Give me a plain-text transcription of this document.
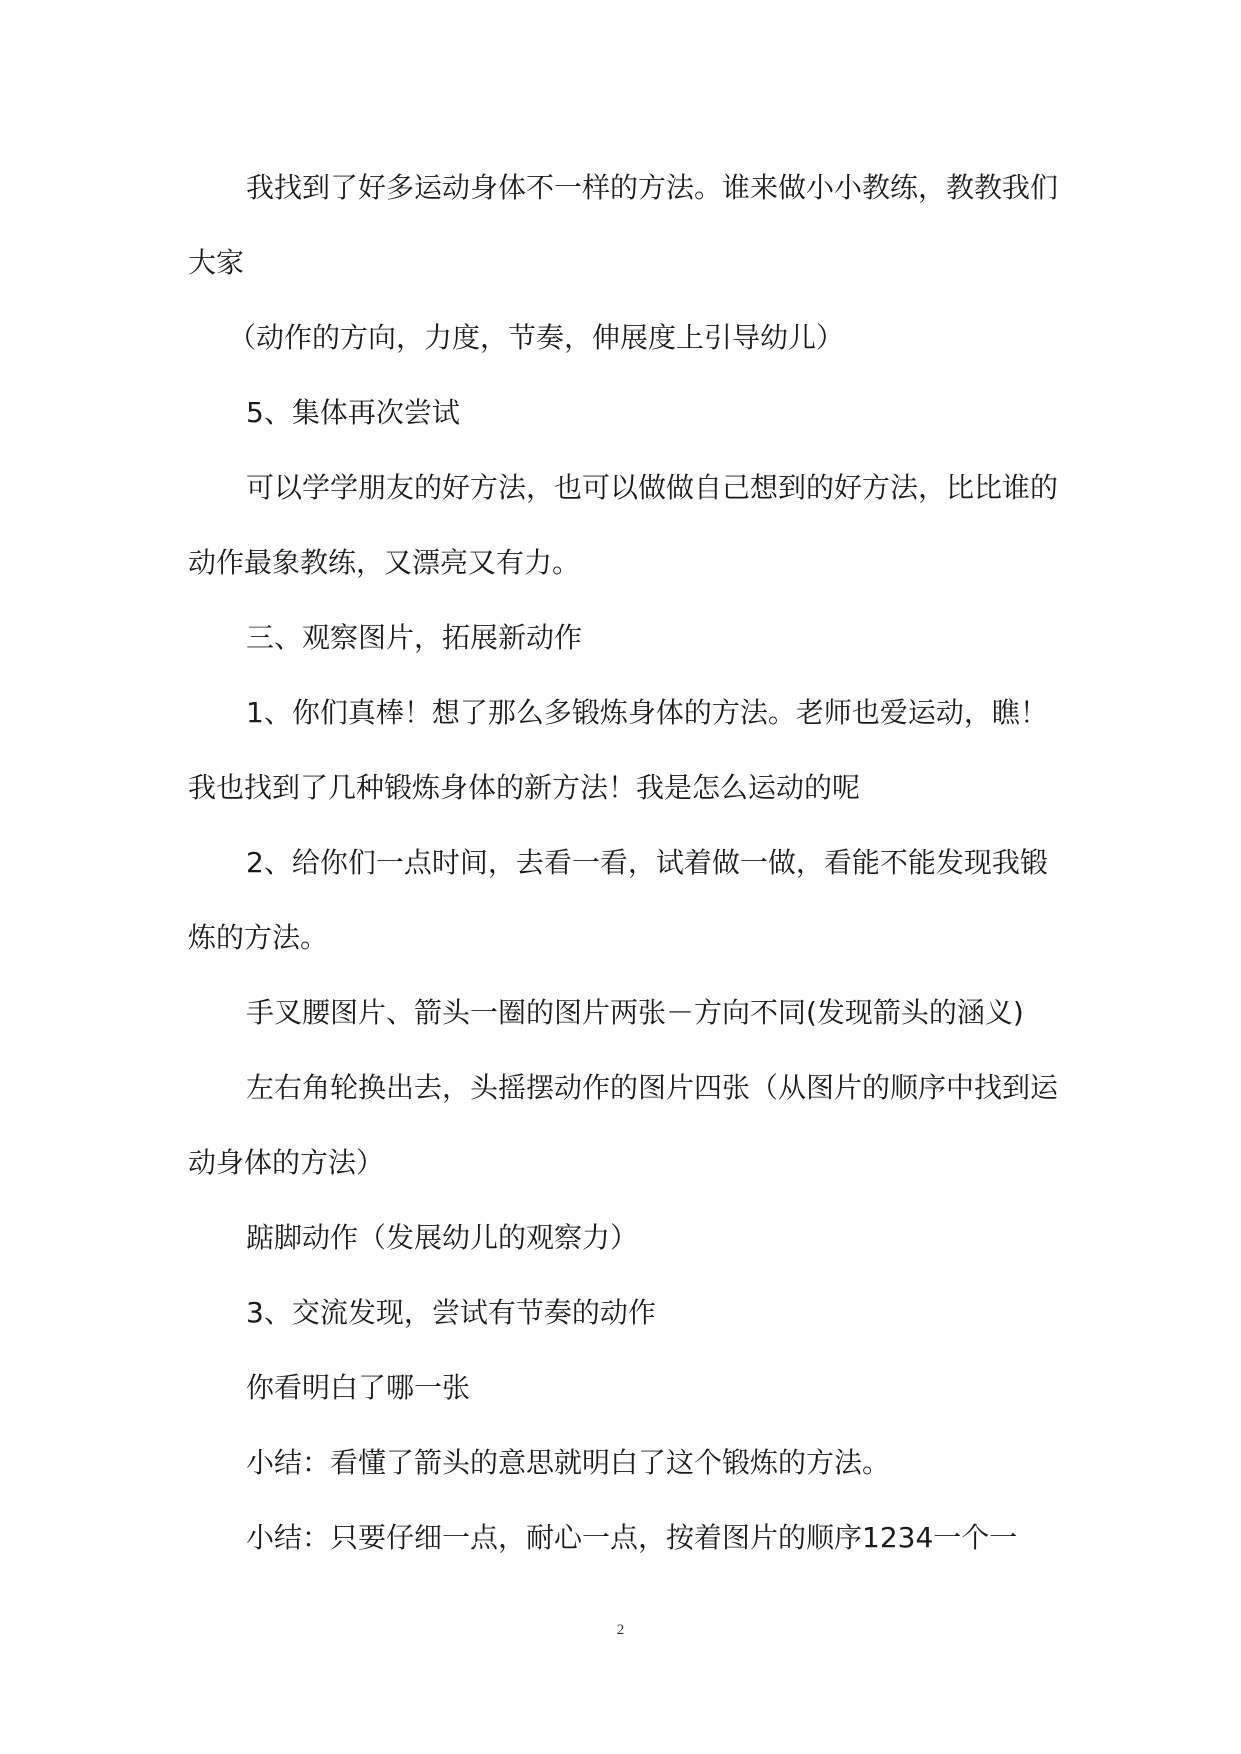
我找到了好多运动身体不一样的方法。谁来做小小教练，教教我们大家

（动作的方向，力度，节奏，伸展度上引导幼儿）

5、集体再次尝试

可以学学朋友的好方法，也可以做做自己想到的好方法，比比谁的动作最象教练，又漂亮又有力。

三、观察图片，拓展新动作

1、你们真棒！想了那么多锻炼身体的方法。老师也爱运动，瞧！我也找到了几种锻炼身体的新方法！我是怎么运动的呢

2、给你们一点时间，去看一看，试着做一做，看能不能发现我锻炼的方法。

手叉腰图片、箭头一圈的图片两张－方向不同(发现箭头的涵义)

左右角轮换出去，头摇摆动作的图片四张（从图片的顺序中找到运动身体的方法）

踮脚动作（发展幼儿的观察力）

3、交流发现，尝试有节奏的动作

你看明白了哪一张

小结：看懂了箭头的意思就明白了这个锻炼的方法。

小结：只要仔细一点，耐心一点，按着图片的顺序1234一个一

2
